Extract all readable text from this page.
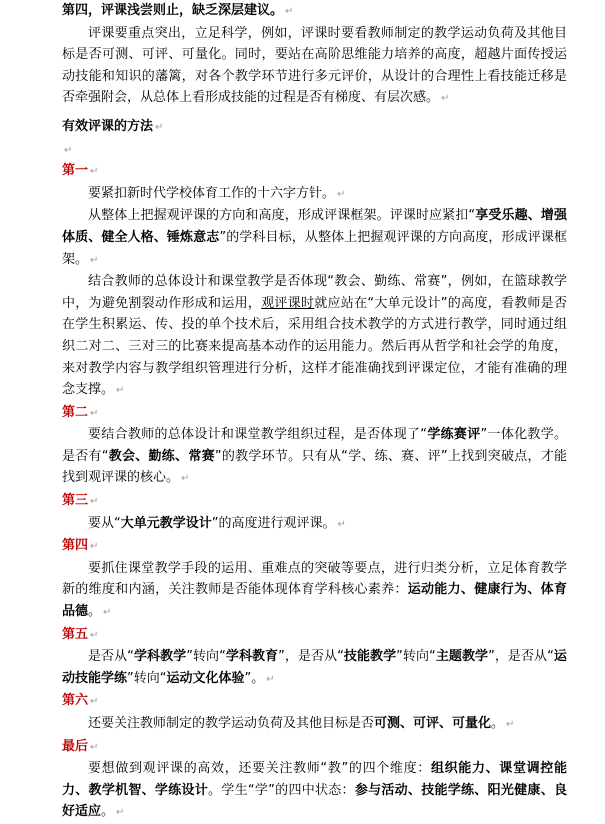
第四，评课浅尝则止，缺乏深层建议。 ↵

评课要重点突出，立足科学，例如，评课时要看教师制定的教学运动负荷及其他目标是否可测、可评、可量化。同时，要站在高阶思维能力培养的高度，超越片面传授运动技能和知识的藩篱，对各个教学环节进行多元评价，从设计的合理性上看技能迁移是否牵强附会，从总体上看形成技能的过程是否有梯度、有层次感。 ↵

有效评课的方法 ↵

↵

第一 ↵

要紧扣新时代学校体育工作的十六字方针。 ↵

从整体上把握观评课的方向和高度，形成评课框架。评课时应紧扣“享受乐趣、增强体质、健全人格、锤炼意志”的学科目标，从整体上把握观评课的方向高度，形成评课框架。 ↵

结合教师的总体设计和课堂教学是否体现“教会、勤练、常赛”，例如，在篮球教学中，为避免割裂动作形成和运用，观评课时就应站在“大单元设计”的高度，看教师是否在学生积累运、传、投的单个技术后，采用组合技术教学的方式进行教学，同时通过组织二对二、三对三的比赛来提高基本动作的运用能力。然后再从哲学和社会学的角度，来对教学内容与教学组织管理进行分析，这样才能准确找到评课定位，才能有准确的理念支撑。 ↵

第二 ↵

要结合教师的总体设计和课堂教学组织过程，是否体现了“学练赛评”一体化教学。是否有“教会、勤练、常赛”的教学环节。只有从“学、练、赛、评”上找到突破点，才能找到观评课的核心。 ↵

第三 ↵

要从“大单元教学设计”的高度进行观评课。 ↵

第四 ↵

要抓住课堂教学手段的运用、重难点的突破等要点，进行归类分析，立足体育教学新的维度和内涵，关注教师是否能体现体育学科核心素养：运动能力、健康行为、体育品德。 ↵

第五 ↵

是否从“学科教学”转向“学科教育”，是否从“技能教学”转向“主题教学”，是否从“运动技能学练”转向“运动文化体验”。 ↵

第六 ↵

还要关注教师制定的教学运动负荷及其他目标是否可测、可评、可量化。 ↵

最后 ↵

要想做到观评课的高效，还要关注教师“教”的四个维度：组织能力、课堂调控能力、教学机智、学练设计。学生“学”的四中状态：参与活动、技能学练、阳光健康、良好适应。 ↵
